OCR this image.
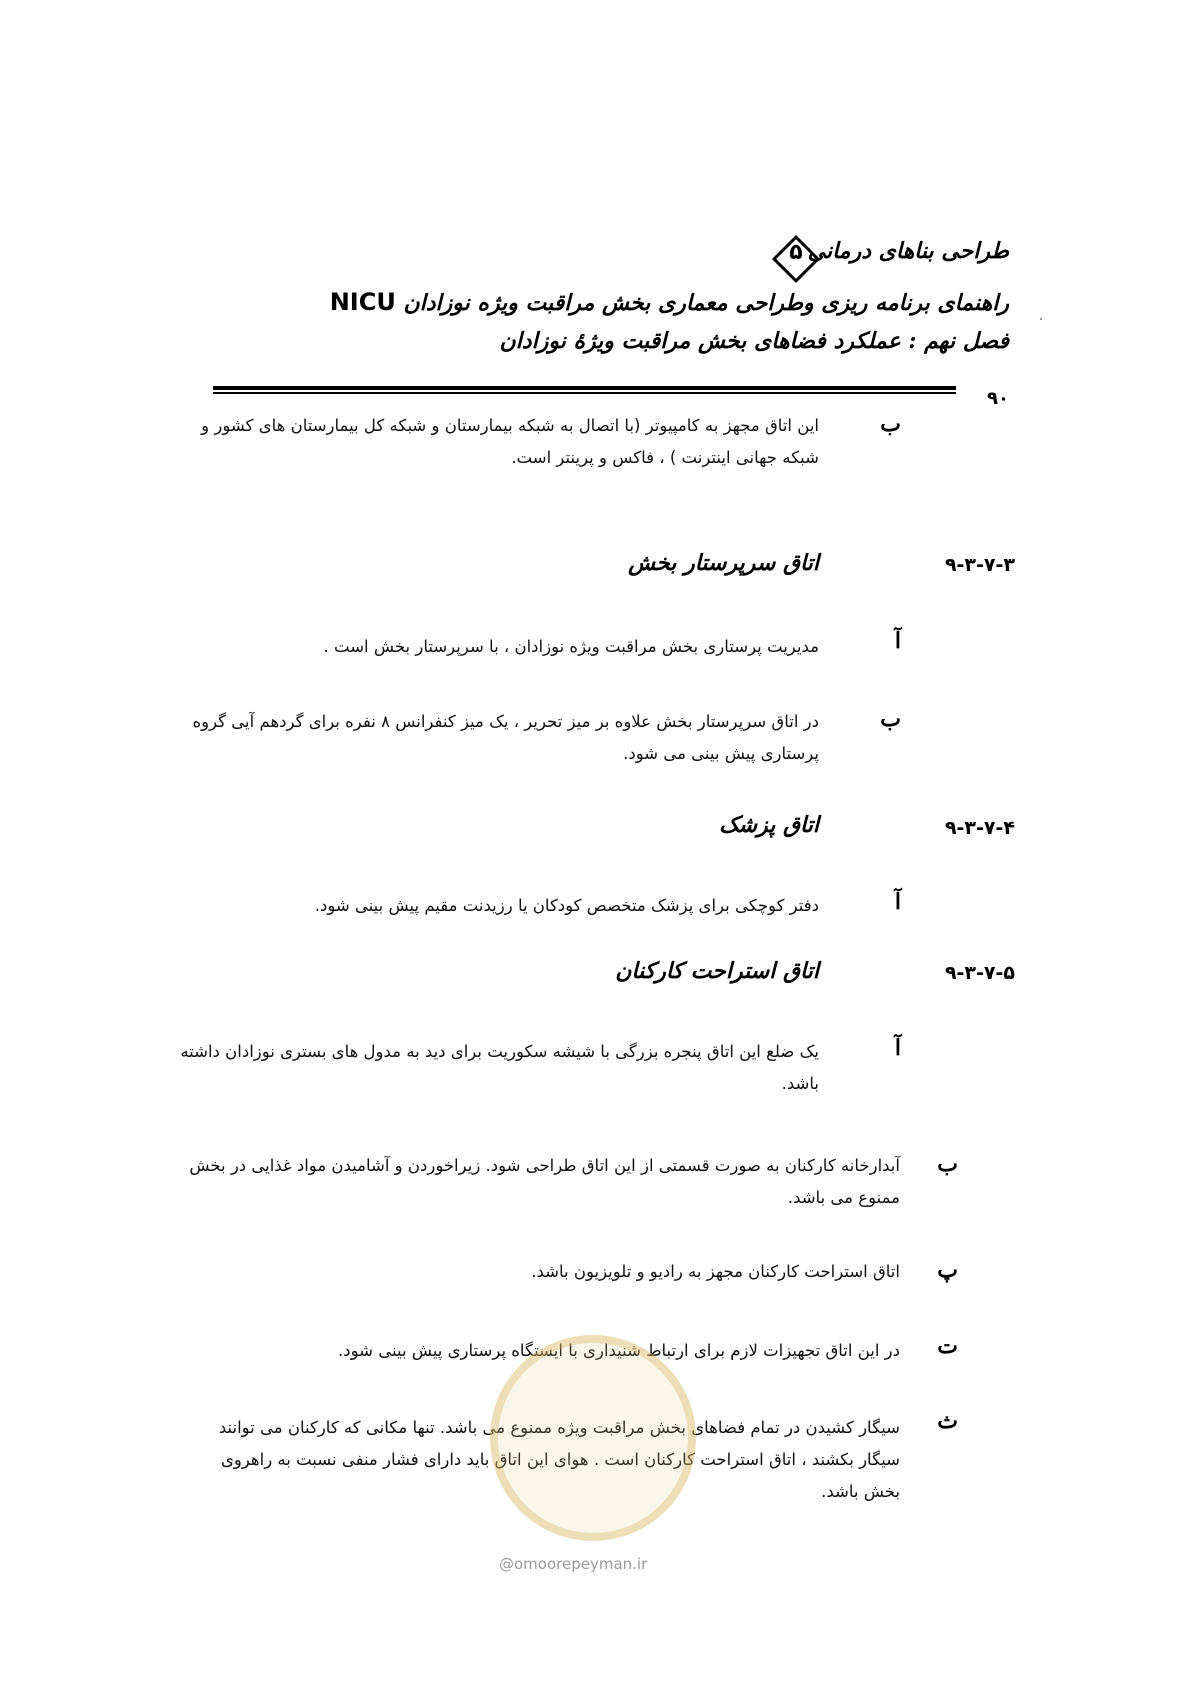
طراحی بناهای درمانی
۵
راهنمای برنامه ریزی وطراحی معماری بخش مراقبت ویژه نوزادان NICU
فصل نهم : عملکرد فضاهای بخش مراقبت ویژۀ نوزادان
۹۰
ب
این اتاق مجهز به کامپیوتر (با اتصال به شبکه بیمارستان و شبکه کل بیمارستان های کشور و شبکه جهانی اینترنت ) ، فاکس و پرینتر است.
۹-۳-۷-۳
اتاق سرپرستار بخش
آ
مدیریت پرستاری بخش مراقبت ویژه نوزادان ، با سرپرستار بخش است .
ب
در اتاق سرپرستار بخش علاوه بر میز تحریر ، یک میز کنفرانس ۸ نفره برای گردهم آیی گروه پرستاری پیش بینی می شود.
۹-۳-۷-۴
اتاق پزشک
آ
دفتر کوچکی برای پزشک متخصص کودکان یا رزیدنت مقیم پیش بینی شود.
۹-۳-۷-۵
اتاق استراحت کارکنان
آ
یک ضلع این اتاق پنجره بزرگی با شیشه سکوریت برای دید به مدول های بستری نوزادان داشته باشد.
ب
آبدارخانه کارکنان به صورت قسمتی از این اتاق طراحی شود. زیراخوردن و آشامیدن مواد غذایی در بخش ممنوع می باشد.
پ
اتاق استراحت کارکنان مجهز به رادیو و تلویزیون باشد.
ت
در این اتاق تجهیزات لازم برای ارتباط شنیداری با ایستگاه پرستاری پیش بینی شود.
ث
سیگار کشیدن در تمام فضاهای بخش مراقبت ویژه ممنوع می باشد. تنها مکانی که کارکنان می توانند سیگار بکشند ، اتاق استراحت کارکنان است . هوای این اتاق باید دارای فشار منفی نسبت به راهروی بخش باشد.
@omoorepeyman.ir
